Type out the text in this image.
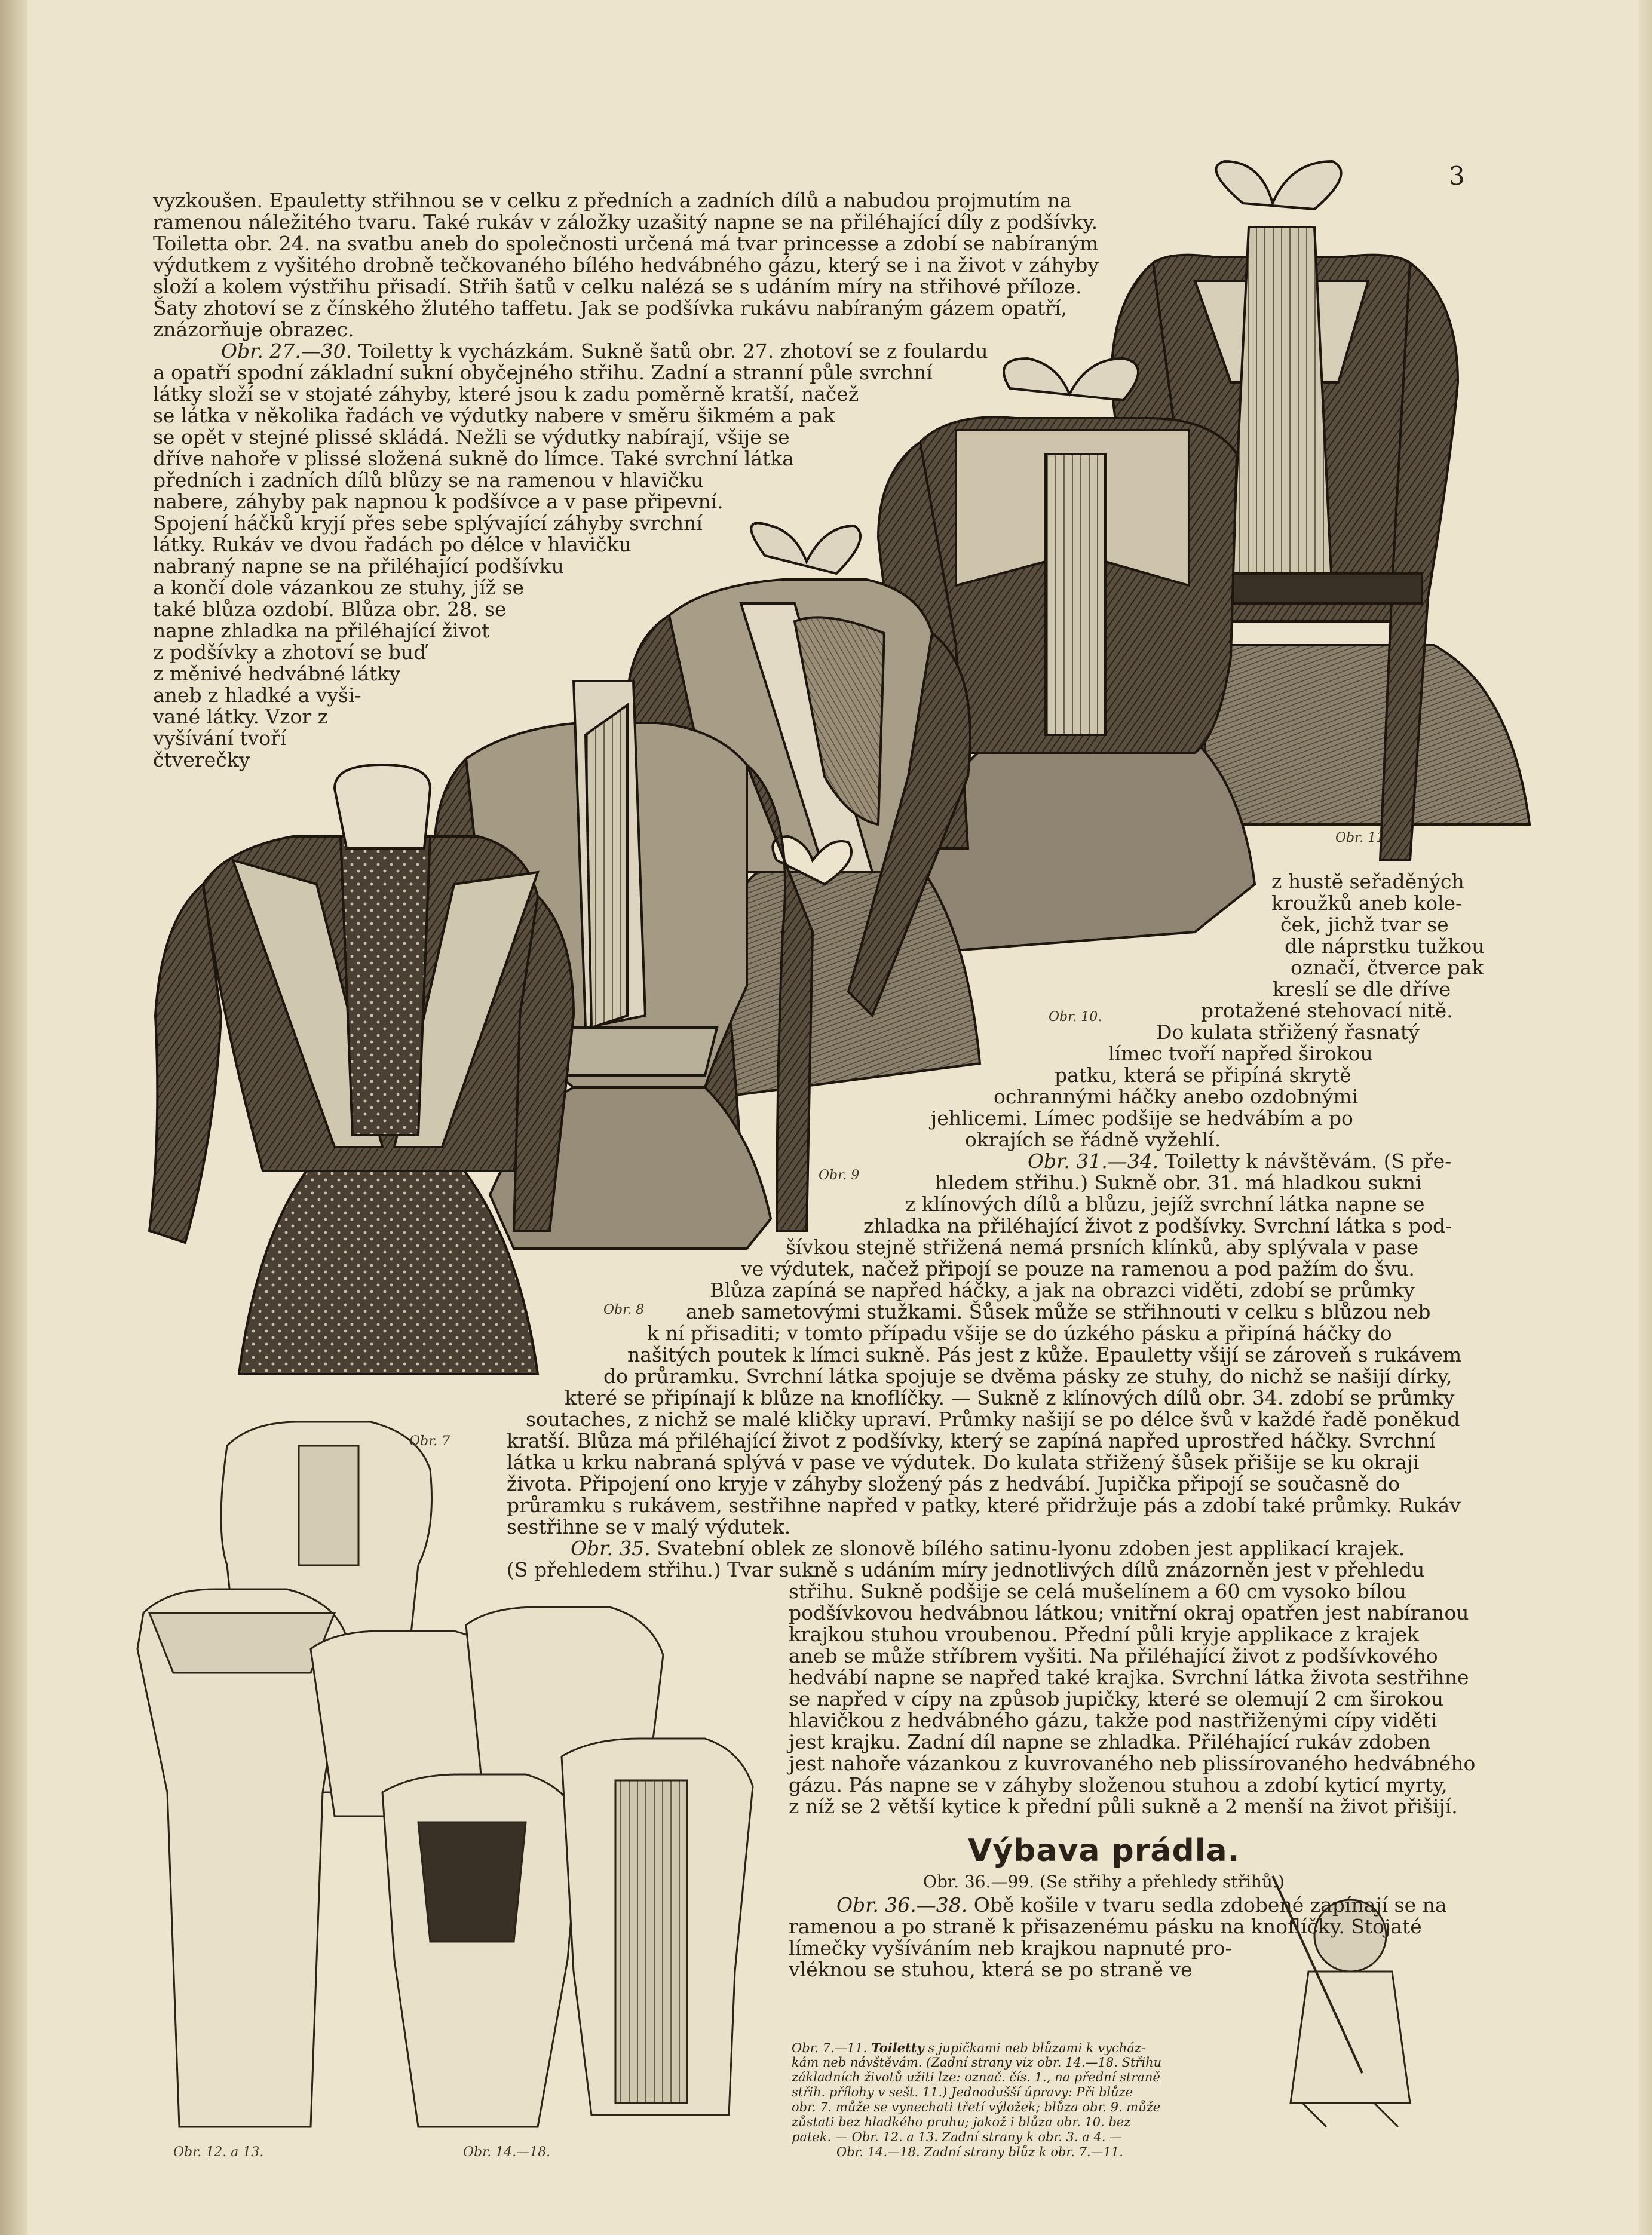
3
vyzkoušen. Epauletty střihnou se v celku z předních a zadních dílů a nabudou projmutím na
ramenou náležitého tvaru. Také rukáv v záložky uzašitý napne se na přiléhající díly z podšívky.
Toiletta obr. 24. na svatbu aneb do společnosti určená má tvar princesse a zdobí se nabíraným
výdutkem z vyšitého drobně tečkovaného bílého hedvábného gázu, který se i na život v záhyby
složí a kolem výstřihu přisadí. Střih šatů v celku nalézá se s udáním míry na střihové příloze.
Šaty zhotoví se z čínského žlutého taffetu. Jak se podšívka rukávu nabíraným gázem opatří,
znázorňuje obrazec.
Obr. 27.—30. Toiletty k vycházkám. Sukně šatů obr. 27. zhotoví se z foulardu
a opatří spodní základní sukní obyčejného střihu. Zadní a stranní půle svrchní
látky složí se v stojaté záhyby, které jsou k zadu poměrně kratší, načež
se látka v několika řadách ve výdutky nabere v směru šikmém a pak
se opět v stejné plissé skládá. Nežli se výdutky nabírají, všije se
dříve nahoře v plissé složená sukně do límce. Také svrchní látka
předních i zadních dílů blůzy se na ramenou v hlavičku
nabere, záhyby pak napnou k podšívce a v pase připevní.
Spojení háčků kryjí přes sebe splývající záhyby svrchní
látky. Rukáv ve dvou řadách po délce v hlavičku
nabraný napne se na přiléhající podšívku
a končí dole vázankou ze stuhy, jíž se
také blůza ozdobí. Blůza obr. 28. se
napne zhladka na přiléhající život
z podšívky a zhotoví se buď
z měnivé hedvábné látky
aneb z hladké a vyši-
vané látky. Vzor z
vyšívání tvoří
čtverečky
z hustě seřaděných
kroužků aneb kole-
ček, jichž tvar se
dle náprstku tužkou
označí, čtverce pak
kreslí se dle dříve
protažené stehovací nitě.
Do kulata střižený řasnatý
límec tvoří napřed širokou
patku, která se připíná skrytě
ochrannými háčky anebo ozdobnými
jehlicemi. Límec podšije se hedvábím a po
okrajích se řádně vyžehlí.
Obr. 31.—34. Toiletty k návštěvám. (S pře-
hledem střihu.) Sukně obr. 31. má hladkou sukni
z klínových dílů a blůzu, jejíž svrchní látka napne se
zhladka na přiléhající život z podšívky. Svrchní látka s pod-
šívkou stejně střižená nemá prsních klínků, aby splývala v pase
ve výdutek, načež připojí se pouze na ramenou a pod pažím do švu.
Blůza zapíná se napřed háčky, a jak na obrazci viděti, zdobí se průmky
aneb sametovými stužkami. Šůsek může se střihnouti v celku s blůzou neb
k ní přisaditi; v tomto případu všije se do úzkého pásku a připíná háčky do
našitých poutek k límci sukně. Pás jest z kůže. Epauletty všijí se zároveň s rukávem
do průramku. Svrchní látka spojuje se dvěma pásky ze stuhy, do nichž se našijí dírky,
které se připínají k blůze na knoflíčky. — Sukně z klínových dílů obr. 34. zdobí se průmky
soutaches, z nichž se malé kličky upraví. Průmky našijí se po délce švů v každé řadě poněkud
kratší. Blůza má přiléhající život z podšívky, který se zapíná napřed uprostřed háčky. Svrchní
látka u krku nabraná splývá v pase ve výdutek. Do kulata střižený šůsek přišije se ku okraji
života. Připojení ono kryje v záhyby složený pás z hedvábí. Jupička připojí se současně do
průramku s rukávem, sestřihne napřed v patky, které přidržuje pás a zdobí také průmky. Rukáv
sestřihne se v malý výdutek.
Obr. 35. Svatební oblek ze slonově bílého satinu-lyonu zdoben jest applikací krajek.
(S přehledem střihu.) Tvar sukně s udáním míry jednotlivých dílů znázorněn jest v přehledu
střihu. Sukně podšije se celá mušelínem a 60 cm vysoko bílou
podšívkovou hedvábnou látkou; vnitřní okraj opatřen jest nabíranou
krajkou stuhou vroubenou. Přední půli kryje applikace z krajek
aneb se může stříbrem vyšiti. Na přiléhající život z podšívkového
hedvábí napne se napřed také krajka. Svrchní látka života sestřihne
se napřed v cípy na způsob jupičky, které se olemují 2 cm širokou
hlavičkou z hedvábného gázu, takže pod nastřiženými cípy viděti
jest krajku. Zadní díl napne se zhladka. Přiléhající rukáv zdoben
jest nahoře vázankou z kuvrovaného neb plissírovaného hedvábného
gázu. Pás napne se v záhyby složenou stuhou a zdobí kyticí myrty,
z níž se 2 větší kytice k přední půli sukně a 2 menší na život přišijí.
Výbava prádla.
Obr. 36.—99. (Se střihy a přehledy střihů.)
Obr. 36.—38. Obě košile v tvaru sedla zdobené zapínají se na
ramenou a po straně k přisazenému pásku na knoflíčky. Stojaté
límečky vyšíváním neb krajkou napnuté pro-
vléknou se stuhou, která se po straně ve
Obr. 11.
Obr. 10.
Obr. 9
Obr. 8
Obr. 7
Obr. 12. a 13.	Obr. 14.—18.
Obr. 7.—11. Toiletty s jupičkami neb blůzami k vycház-
kám neb návštěvám. (Zadní strany viz obr. 14.—18. Střihu
základních životů užiti lze: označ. čís. 1., na přední straně
střih. přílohy v sešt. 11.) Jednodušší úpravy: Při blůze
obr. 7. může se vynechati třetí výložek; blůza obr. 9. může
zůstati bez hladkého pruhu; jakož i blůza obr. 10. bez
patek. — Obr. 12. a 13. Zadní strany k obr. 3. a 4. —
Obr. 14.—18. Zadní strany blůz k obr. 7.—11.
